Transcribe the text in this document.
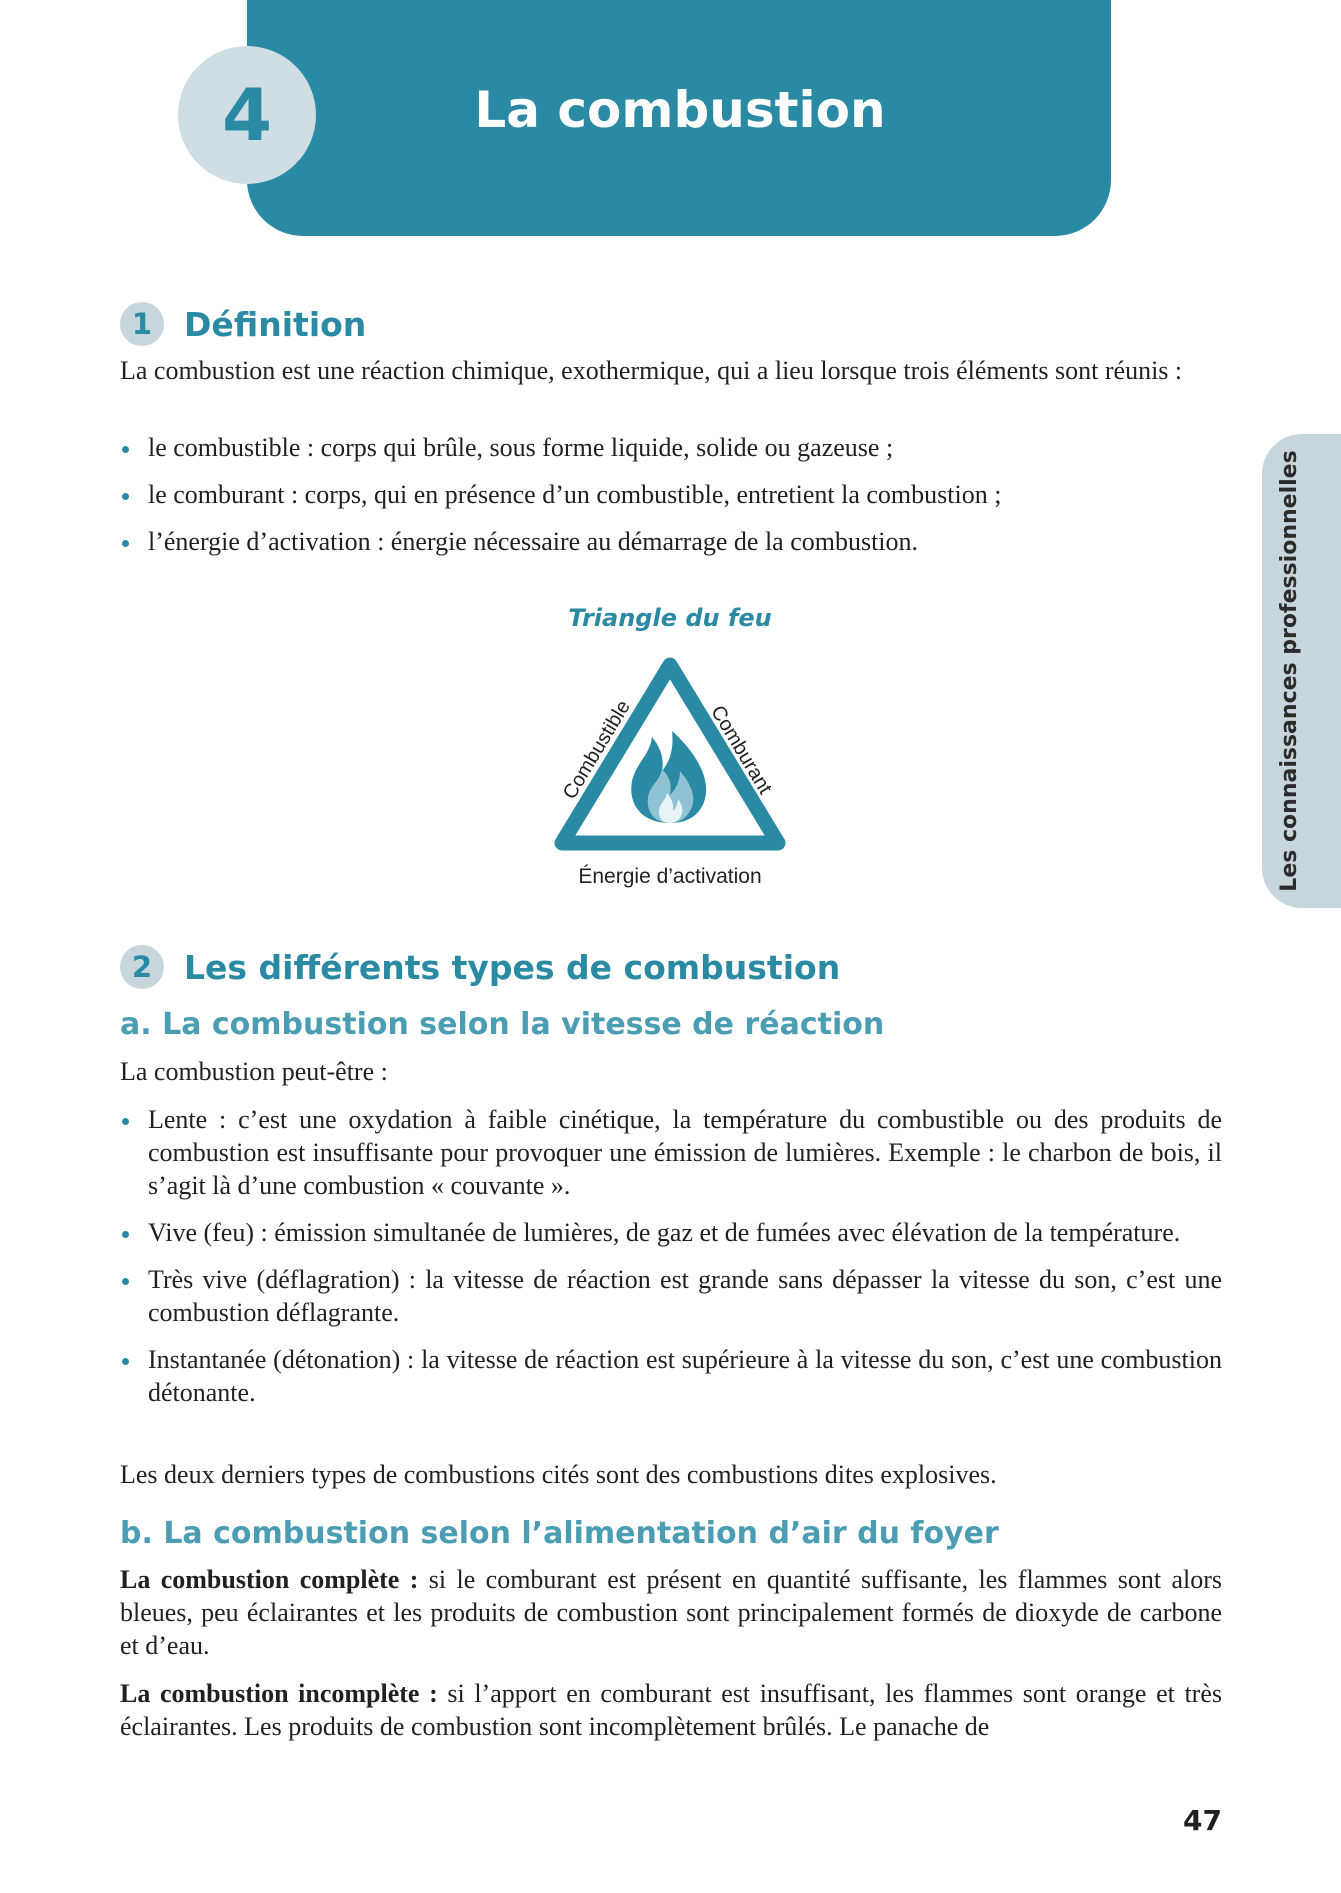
4	La combustion
Les connaissances professionnelles
1 Définition

La combustion est une réaction chimique, exothermique, qui a lieu lorsque trois éléments sont réunis :

le combustible : corps qui brûle, sous forme liquide, solide ou gazeuse ;
le comburant : corps, qui en présence d’un combustible, entretient la combustion ;
l’énergie d’activation : énergie nécessaire au démarrage de la combustion.
Triangle du feu
Combustible	Comburant
Énergie d’activation
2 Les différents types de combustion
a. La combustion selon la vitesse de réaction

La combustion peut-être :

Lente : c’est une oxydation à faible cinétique, la température du combustible ou des produits de combustion est insuffisante pour provoquer une émission de lumières. Exemple : le charbon de bois, il s’agit là d’une combustion « couvante ».
Vive (feu) : émission simultanée de lumières, de gaz et de fumées avec élévation de la température.
Très vive (déflagration) : la vitesse de réaction est grande sans dépasser la vitesse du son, c’est une combustion déflagrante.
Instantanée (détonation) : la vitesse de réaction est supérieure à la vitesse du son, c’est une combustion détonante.

Les deux derniers types de combustions cités sont des combustions dites explosives.

b. La combustion selon l’alimentation d’air du foyer

La combustion complète : si le comburant est présent en quantité suffisante, les flammes sont alors bleues, peu éclairantes et les produits de combustion sont principalement formés de dioxyde de carbone et d’eau.

La combustion incomplète : si l’apport en comburant est insuffisant, les flammes sont orange et très éclairantes. Les produits de combustion sont incomplètement brûlés. Le panache de

47
